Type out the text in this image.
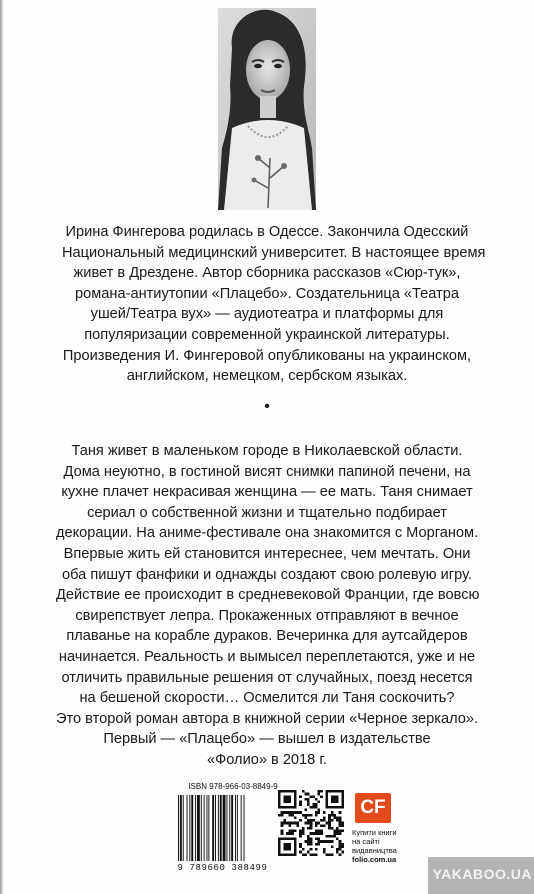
Ирина Фингерова родилась в Одессе. Закончила Одесский
Национальный медицинский университет. В настоящее время
живет в Дрездене. Автор сборника рассказов «Сюр-тук»,
романа-антиутопии «Плацебо». Создательница «Театра
ушей/Театра вух» — аудиотеатра и платформы для
популяризации современной украинской литературы.
Произведения И. Фингеровой опубликованы на украинском,
английском, немецком, сербском языках.
•
Таня живет в маленьком городе в Николаевской области.
Дома неуютно, в гостиной висят снимки папиной печени, на
кухне плачет некрасивая женщина — ее мать. Таня снимает
сериал о собственной жизни и тщательно подбирает
декорации. На аниме-фестивале она знакомится с Морганом.
Впервые жить ей становится интереснее, чем мечтать. Они
оба пишут фанфики и однажды создают свою ролевую игру.
Действие ее происходит в средневековой Франции, где вовсю
свирепствует лепра. Прокаженных отправляют в вечное
плаванье на корабле дураков. Вечеринка для аутсайдеров
начинается. Реальность и вымысел переплетаются, уже и не
отличить правильные решения от случайных, поезд несется
на бешеной скорости… Осмелится ли Таня соскочить?
Это второй роман автора в книжной серии «Черное зеркало».
Первый — «Плацебо» — вышел в издательстве
«Фолио» в 2018 г.
ISBN 978-966-03-8849-9
9 789660 388499
CF
Купити книги
на сайті
видавництва
folio.com.ua
YAKABOO.UA
